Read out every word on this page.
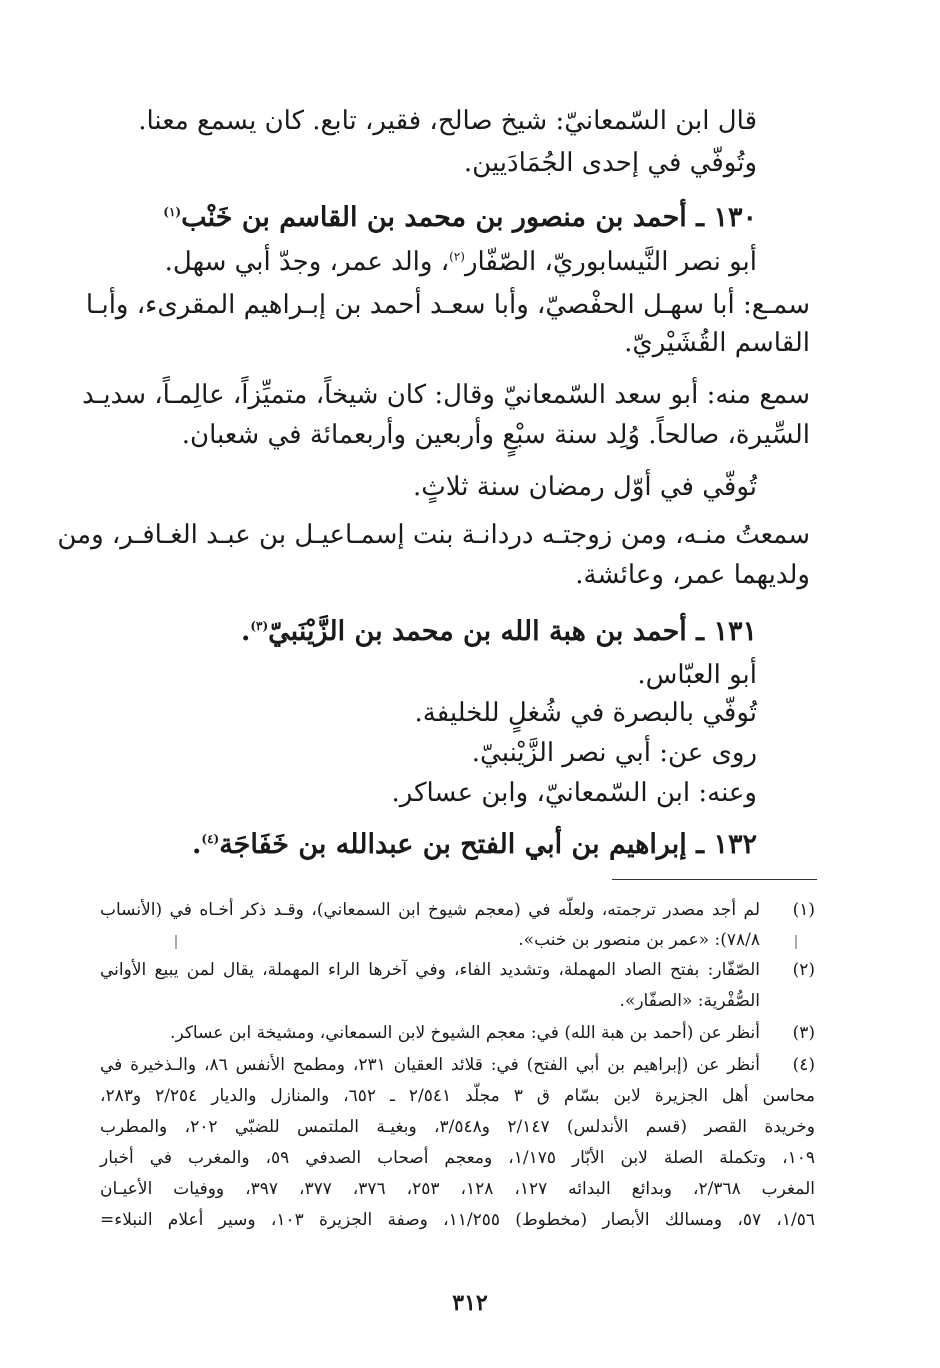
قال ابن السّمعانيّ: شيخ صالح، فقير، تابع. كان يسمع معنا.
وتُوفّي في إحدى الجُمَادَيين.
١٣٠ ـ أحمد بن منصور بن محمد بن القاسم بن خَنْب$^{(١)}$
أبو نصر النَّيسابوريّ، الصّفّار$^{(٢)}$، والد عمر، وجدّ أبي سهل.
سمـع: أبا سهـل الحفْصيّ، وأبا سعـد أحمد بن إبـراهيم المقرىء، وأبـا
القاسم القُشَيْريّ.
سمع منه: أبو سعد السّمعانيّ وقال: كان شيخاً، متميِّزاً، عالِمـاً، سديـد
السِّيرة، صالحاً. وُلِد سنة سبْعٍ وأربعين وأربعمائة في شعبان.
تُوفّي في أوّل رمضان سنة ثلاثٍ.
سمعتُ منـه، ومن زوجتـه دردانـة بنت إسمـاعيـل بن عبـد الغـافـر، ومن
ولديهما عمر، وعائشة.
١٣١ ـ أحمد بن هبة الله بن محمد بن الزَّيْنَبيّ$^{(٣)}$.
أبو العبّاس.
تُوفّي بالبصرة في شُغلٍ للخليفة.
روى عن: أبي نصر الزَّيْنبيّ.
وعنه: ابن السّمعانيّ، وابن عساكر.
١٣٢ ـ إبراهيم بن أبي الفتح بن عبدالله بن خَفَاجَة$^{(٤)}$.
(١)
لم أجد مصدر ترجمته، ولعلّه في (معجم شيوخ ابن السمعاني)، وقـد ذكر أخـاه في (الأنساب
٧٨/٨): «عمر بن منصور بن خنب».
(٢)
الصّفّار: بفتح الصاد المهملة، وتشديد الفاء، وفي آخرها الراء المهملة، يقال لمن يبيع الأواني
الصُّفْرية: «الصفّار».
(٣)
أنظر عن (أحمد بن هبة الله) في: معجم الشيوخ لابن السمعاني، ومشيخة ابن عساكر.
(٤)
أنظر عن (إبراهيم بن أبي الفتح) في: قلائد العقيان ٢٣١، ومطمح الأنفس ٨٦، والـذخيرة في
محاسن أهل الجزيرة لابن بسّام ق ٣ مجلّد ٢/٥٤١ ـ ٦٥٢، والمنازل والديار ٢/٢٥٤ و٢٨٣،
وخريدة القصر (قسم الأندلس) ٢/١٤٧ و٣/٥٤٨، وبغيـة الملتمس للضبّي ٢٠٢، والمطرب
١٠٩، وتكملة الصلة لابن الأبّار ١/١٧٥، ومعجم أصحاب الصدفي ٥٩، والمغرب في أخبار
المغرب ٢/٣٦٨، وبدائع البدائه ١٢٧، ١٢٨، ٢٥٣، ٣٧٦، ٣٧٧، ٣٩٧، ووفيات الأعيـان
١/٥٦، ٥٧، ومسالك الأبصار (مخطوط) ١١/٢٥٥، وصفة الجزيرة ١٠٣، وسير أعلام النبلاء=
٣١٢
